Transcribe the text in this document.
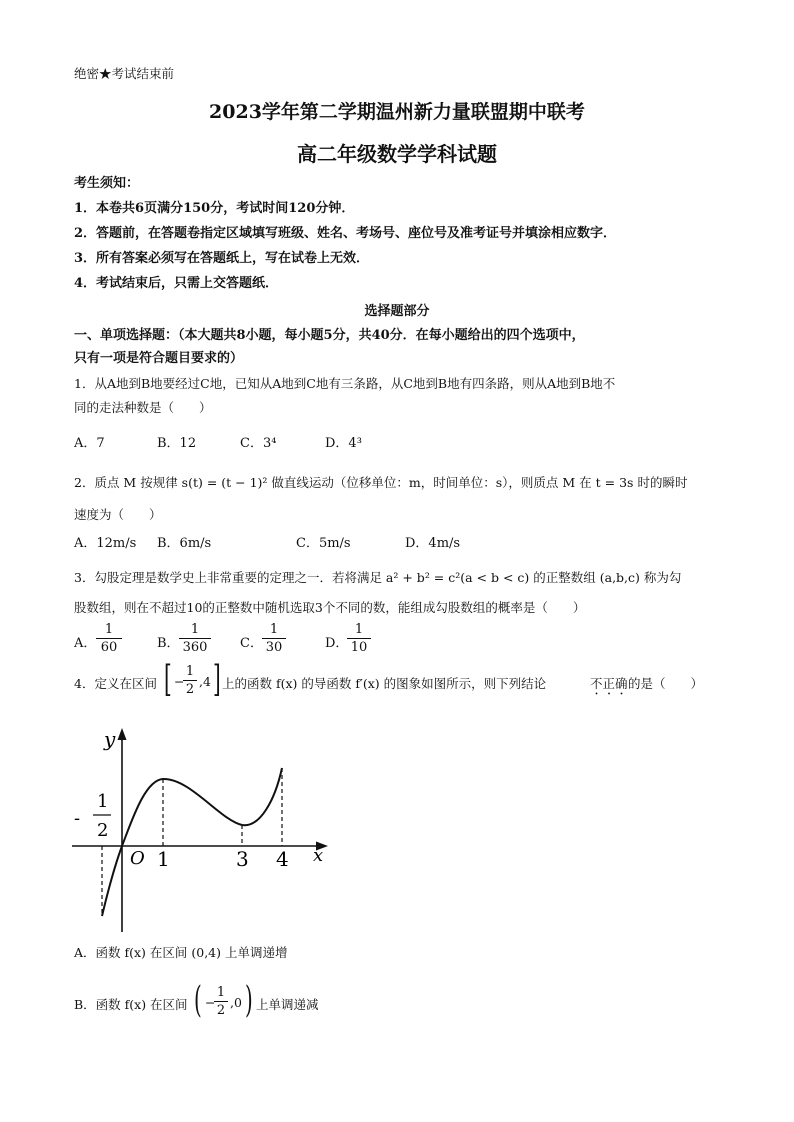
绝密★考试结束前
2023学年第二学期温州新力量联盟期中联考
高二年级数学学科试题
考生须知：
1．本卷共6页满分150分，考试时间120分钟．
2．答题前，在答题卷指定区域填写班级、姓名、考场号、座位号及准考证号并填涂相应数字．
3．所有答案必须写在答题纸上，写在试卷上无效．
4．考试结束后，只需上交答题纸．
选择题部分
一、单项选择题：（本大题共8小题，每小题5分，共40分．在每小题给出的四个选项中，
只有一项是符合题目要求的）
1．从A地到B地要经过C地，已知从A地到C地有三条路，从C地到B地有四条路，则从A地到B地不
同的走法种数是（　　）
A．7	B．12	C．3⁴	D．4³
2．质点 M 按规律 s(t) = (t − 1)² 做直线运动（位移单位：m，时间单位：s），则质点 M 在 t = 3s 时的瞬时
速度为（　　）
A．12m/s B．6m/s	C．5m/s	D．4m/s
3．勾股定理是数学史上非常重要的定理之一．若将满足 a² + b² = c²(a < b < c) 的正整数组 (a,b,c) 称为勾
股数组，则在不超过10的正整数中随机选取3个不同的数，能组成勾股数组的概率是（　　）
A． $\frac{1}{60}$	B． $\frac{1}{360}$ C． $\frac{1}{30}$	D．
$\frac{1}{10}$
4．定义在区间 [ −
$\frac{1}{2} ,4$ ] 上的函数 f(x) 的导函数 f′(x) 的图象如图所示，则下列结论	不正确 的是（　　）
y
x
O 1	3 4
-
1
2
A．函数 f(x) 在区间 (0,4) 上单调递增
B．函数 f(x) 在区间 ( −
$\frac{1}{2} ,0$ ) 上单调递减
